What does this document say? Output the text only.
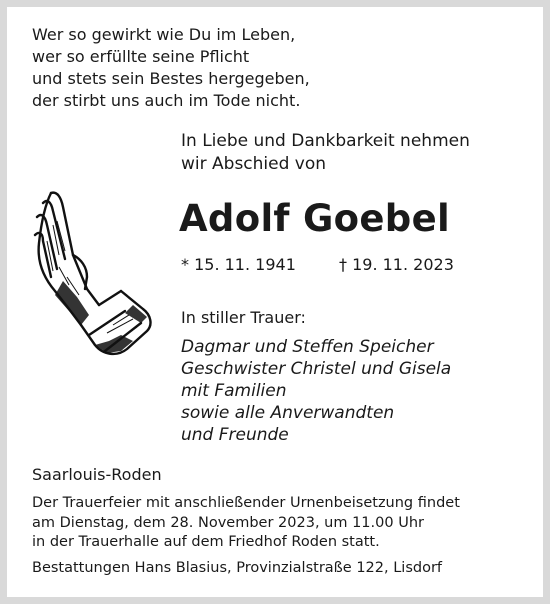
Wer so gewirkt wie Du im Leben,
wer so erfüllte seine Pflicht
und stets sein Bestes hergegeben,
der stirbt uns auch im Tode nicht.
In Liebe und Dankbarkeit nehmen
wir Abschied von
Adolf Goebel
* 15. 11. 1941	† 19. 11. 2023
In stiller Trauer:
Dagmar und Steffen Speicher
Geschwister Christel und Gisela
mit Familien
sowie alle Anverwandten
und Freunde
Saarlouis-Roden
Der Trauerfeier mit anschließender Urnenbeisetzung findet
am Dienstag, dem 28. November 2023, um 11.00 Uhr
in der Trauerhalle auf dem Friedhof Roden statt.
Bestattungen Hans Blasius, Provinzialstraße 122, Lisdorf
